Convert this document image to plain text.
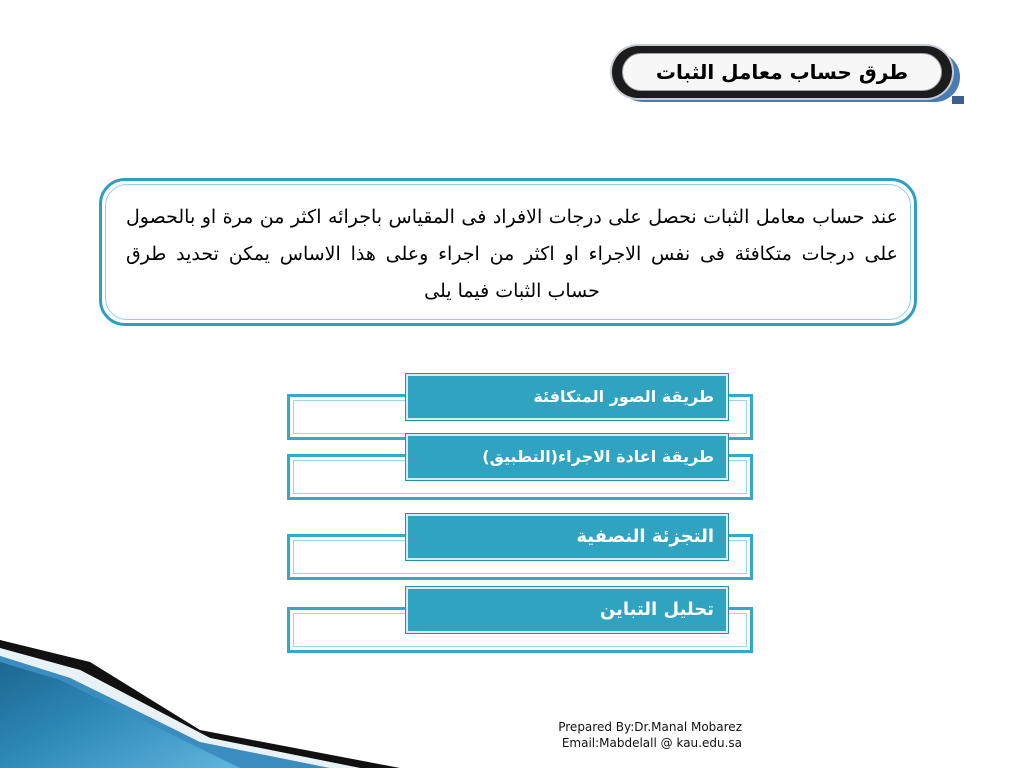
طرق حساب معامل الثبات

عند حساب معامل الثبات نحصل على درجات الافراد فى المقياس باجرائه اكثر من مرة او بالحصول على درجات متكافئة فى نفس الاجراء او اكثر من اجراء وعلى هذا الاساس يمكن تحديد طرق حساب الثبات فيما يلى

طريقة الصور المتكافئة
طريقة اعادة الاجراء(التطبيق)
التجزئة النصفية
تحليل التباين
Prepared By:Dr.Manal Mobarez
Email:Mabdelall @ kau.edu.sa
